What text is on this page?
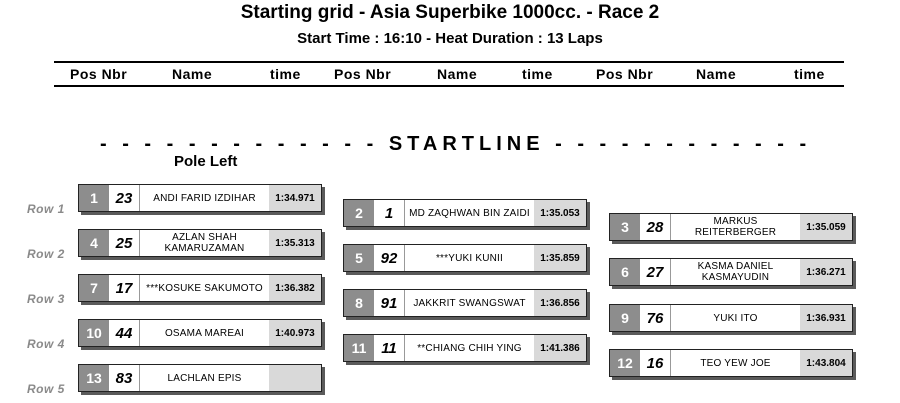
Starting grid - Asia Superbike 1000cc. - Race 2
Start Time : 16:10 - Heat Duration : 13 Laps
Pos Nbr	Name	time Pos Nbr	Name	time	Pos Nbr	Name	time
- - - - - - - - - - - - - STARTLINE - - - - - - - - - - - -
Pole Left
Row 1
Row 2
Row 3
Row 4
Row 5
1	23	ANDI FARID IZDIHAR	1:34.971
2	1	MD ZAQHWAN BIN ZAIDI	1:35.053
3	28	MARKUS REITERBERGER	1:35.059
4	25	AZLAN SHAH KAMARUZAMAN	1:35.313
5	92	***YUKI KUNII	1:35.859
6	27	KASMA DANIEL KASMAYUDIN	1:36.271
7	17	***KOSUKE SAKUMOTO	1:36.382
8	91	JAKKRIT SWANGSWAT	1:36.856
9	76	YUKI ITO	1:36.931
10 44	OSAMA MAREAI	1:40.973
11 11	**CHIANG CHIH YING	1:41.386
12 16	TEO YEW JOE	1:43.804
13 83	LACHLAN EPIS
